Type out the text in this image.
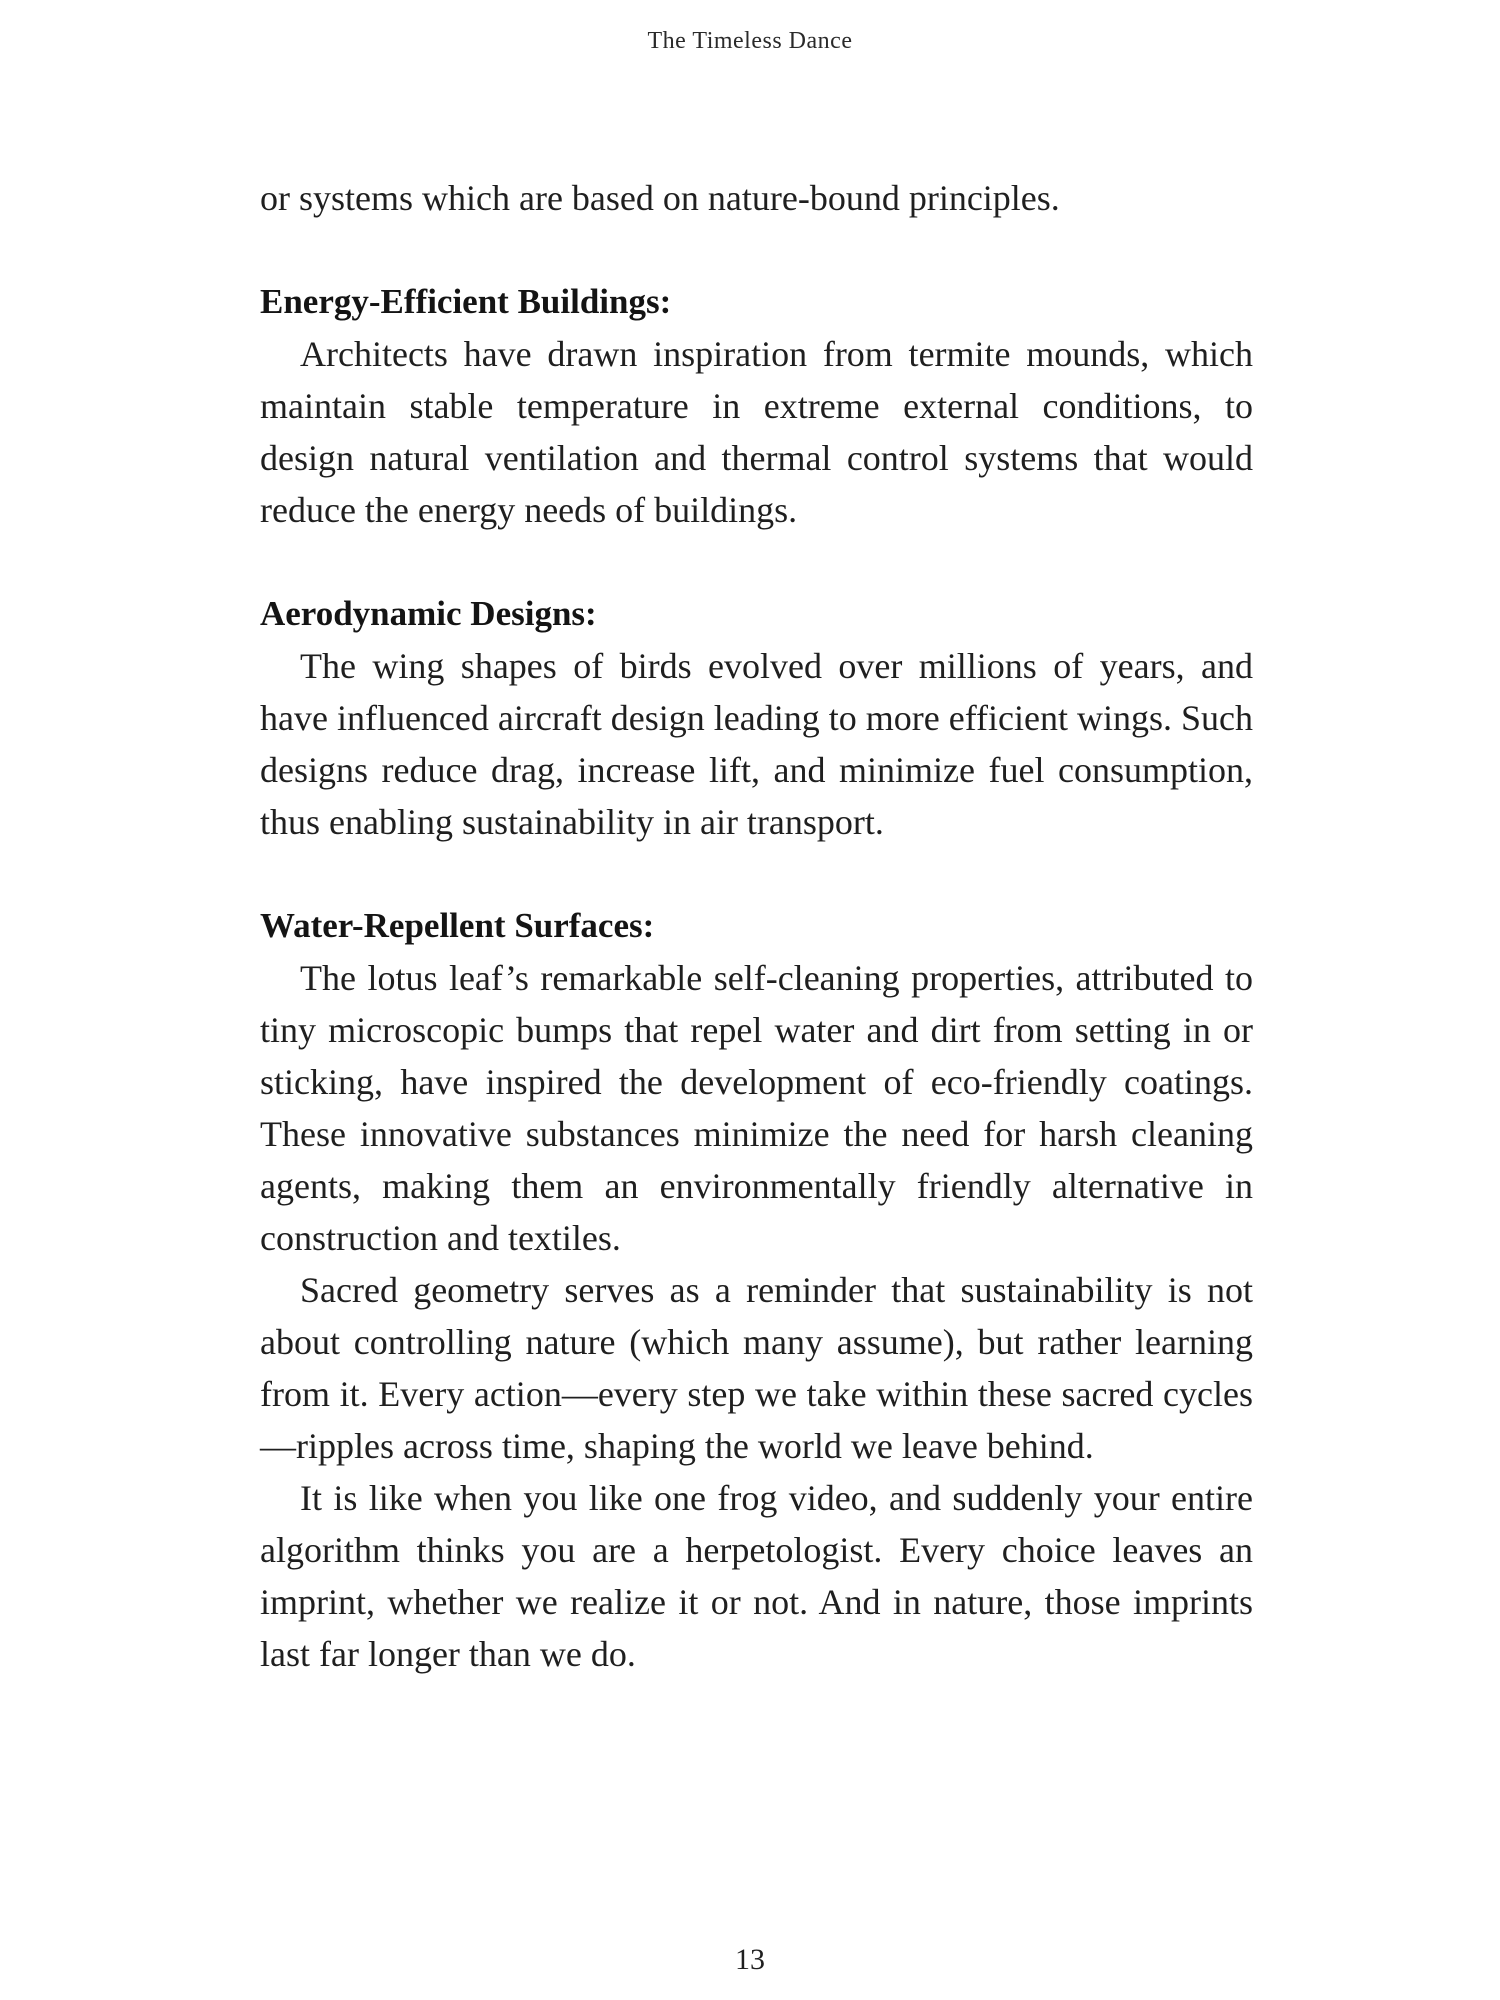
The Timeless Dance

or systems which are based on nature-bound principles.

Energy-Efficient Buildings:

Architects have drawn inspiration from termite mounds, which maintain stable temperature in extreme external conditions, to design natural ventilation and thermal control systems that would reduce the energy needs of buildings.

Aerodynamic Designs:

The wing shapes of birds evolved over millions of years, and have influenced aircraft design leading to more efficient wings. Such designs reduce drag, increase lift, and minimize fuel consumption, thus enabling sustainability in air transport.

Water-Repellent Surfaces:

The lotus leaf’s remarkable self-cleaning properties, attributed to tiny microscopic bumps that repel water and dirt from setting in or sticking, have inspired the development of eco-friendly coatings. These innovative substances minimize the need for harsh cleaning agents, making them an environmentally friendly alternative in construction and textiles.

Sacred geometry serves as a reminder that sustainability is not about controlling nature (which many assume), but rather learning from it. Every action—every step we take within these sacred cycles—ripples across time, shaping the world we leave behind.

It is like when you like one frog video, and suddenly your entire algorithm thinks you are a herpetologist. Every choice leaves an imprint, whether we realize it or not. And in nature, those imprints last far longer than we do.

13
